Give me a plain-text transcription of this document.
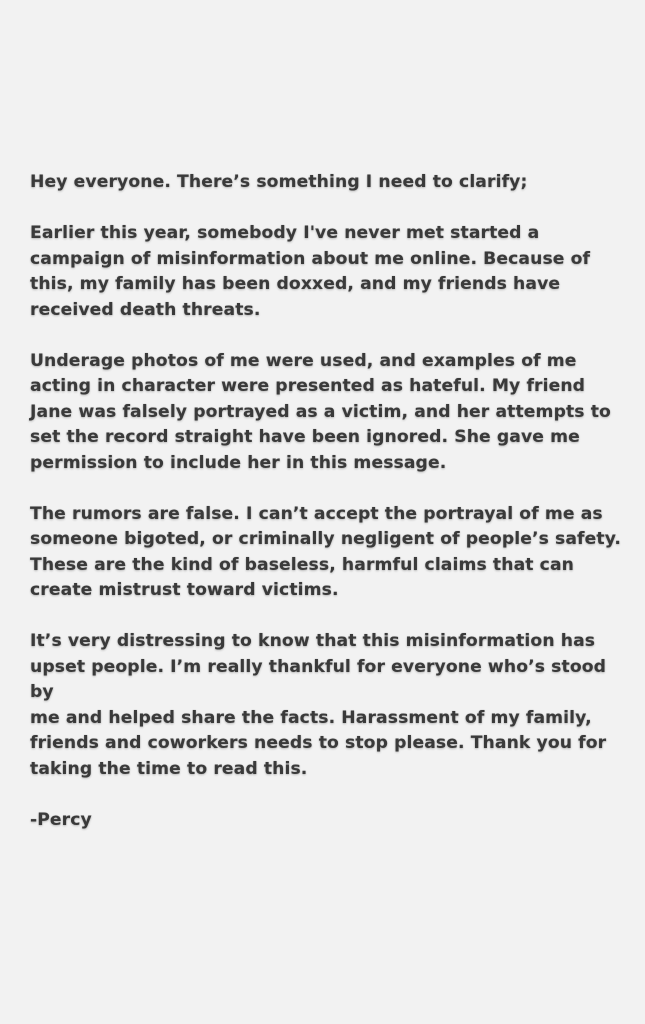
Hey everyone. There’s something I need to clarify;

Earlier this year, somebody I've never met started a
campaign of misinformation about me online. Because of
this, my family has been doxxed, and my friends have
received death threats.

Underage photos of me were used, and examples of me
acting in character were presented as hateful. My friend
Jane was falsely portrayed as a victim, and her attempts to
set the record straight have been ignored. She gave me
permission to include her in this message.

The rumors are false. I can’t accept the portrayal of me as
someone bigoted, or criminally negligent of people’s safety.
These are the kind of baseless, harmful claims that can
create mistrust toward victims.

It’s very distressing to know that this misinformation has
upset people. I’m really thankful for everyone who’s stood by
me and helped share the facts. Harassment of my family,
friends and coworkers needs to stop please. Thank you for
taking the time to read this.

-Percy
